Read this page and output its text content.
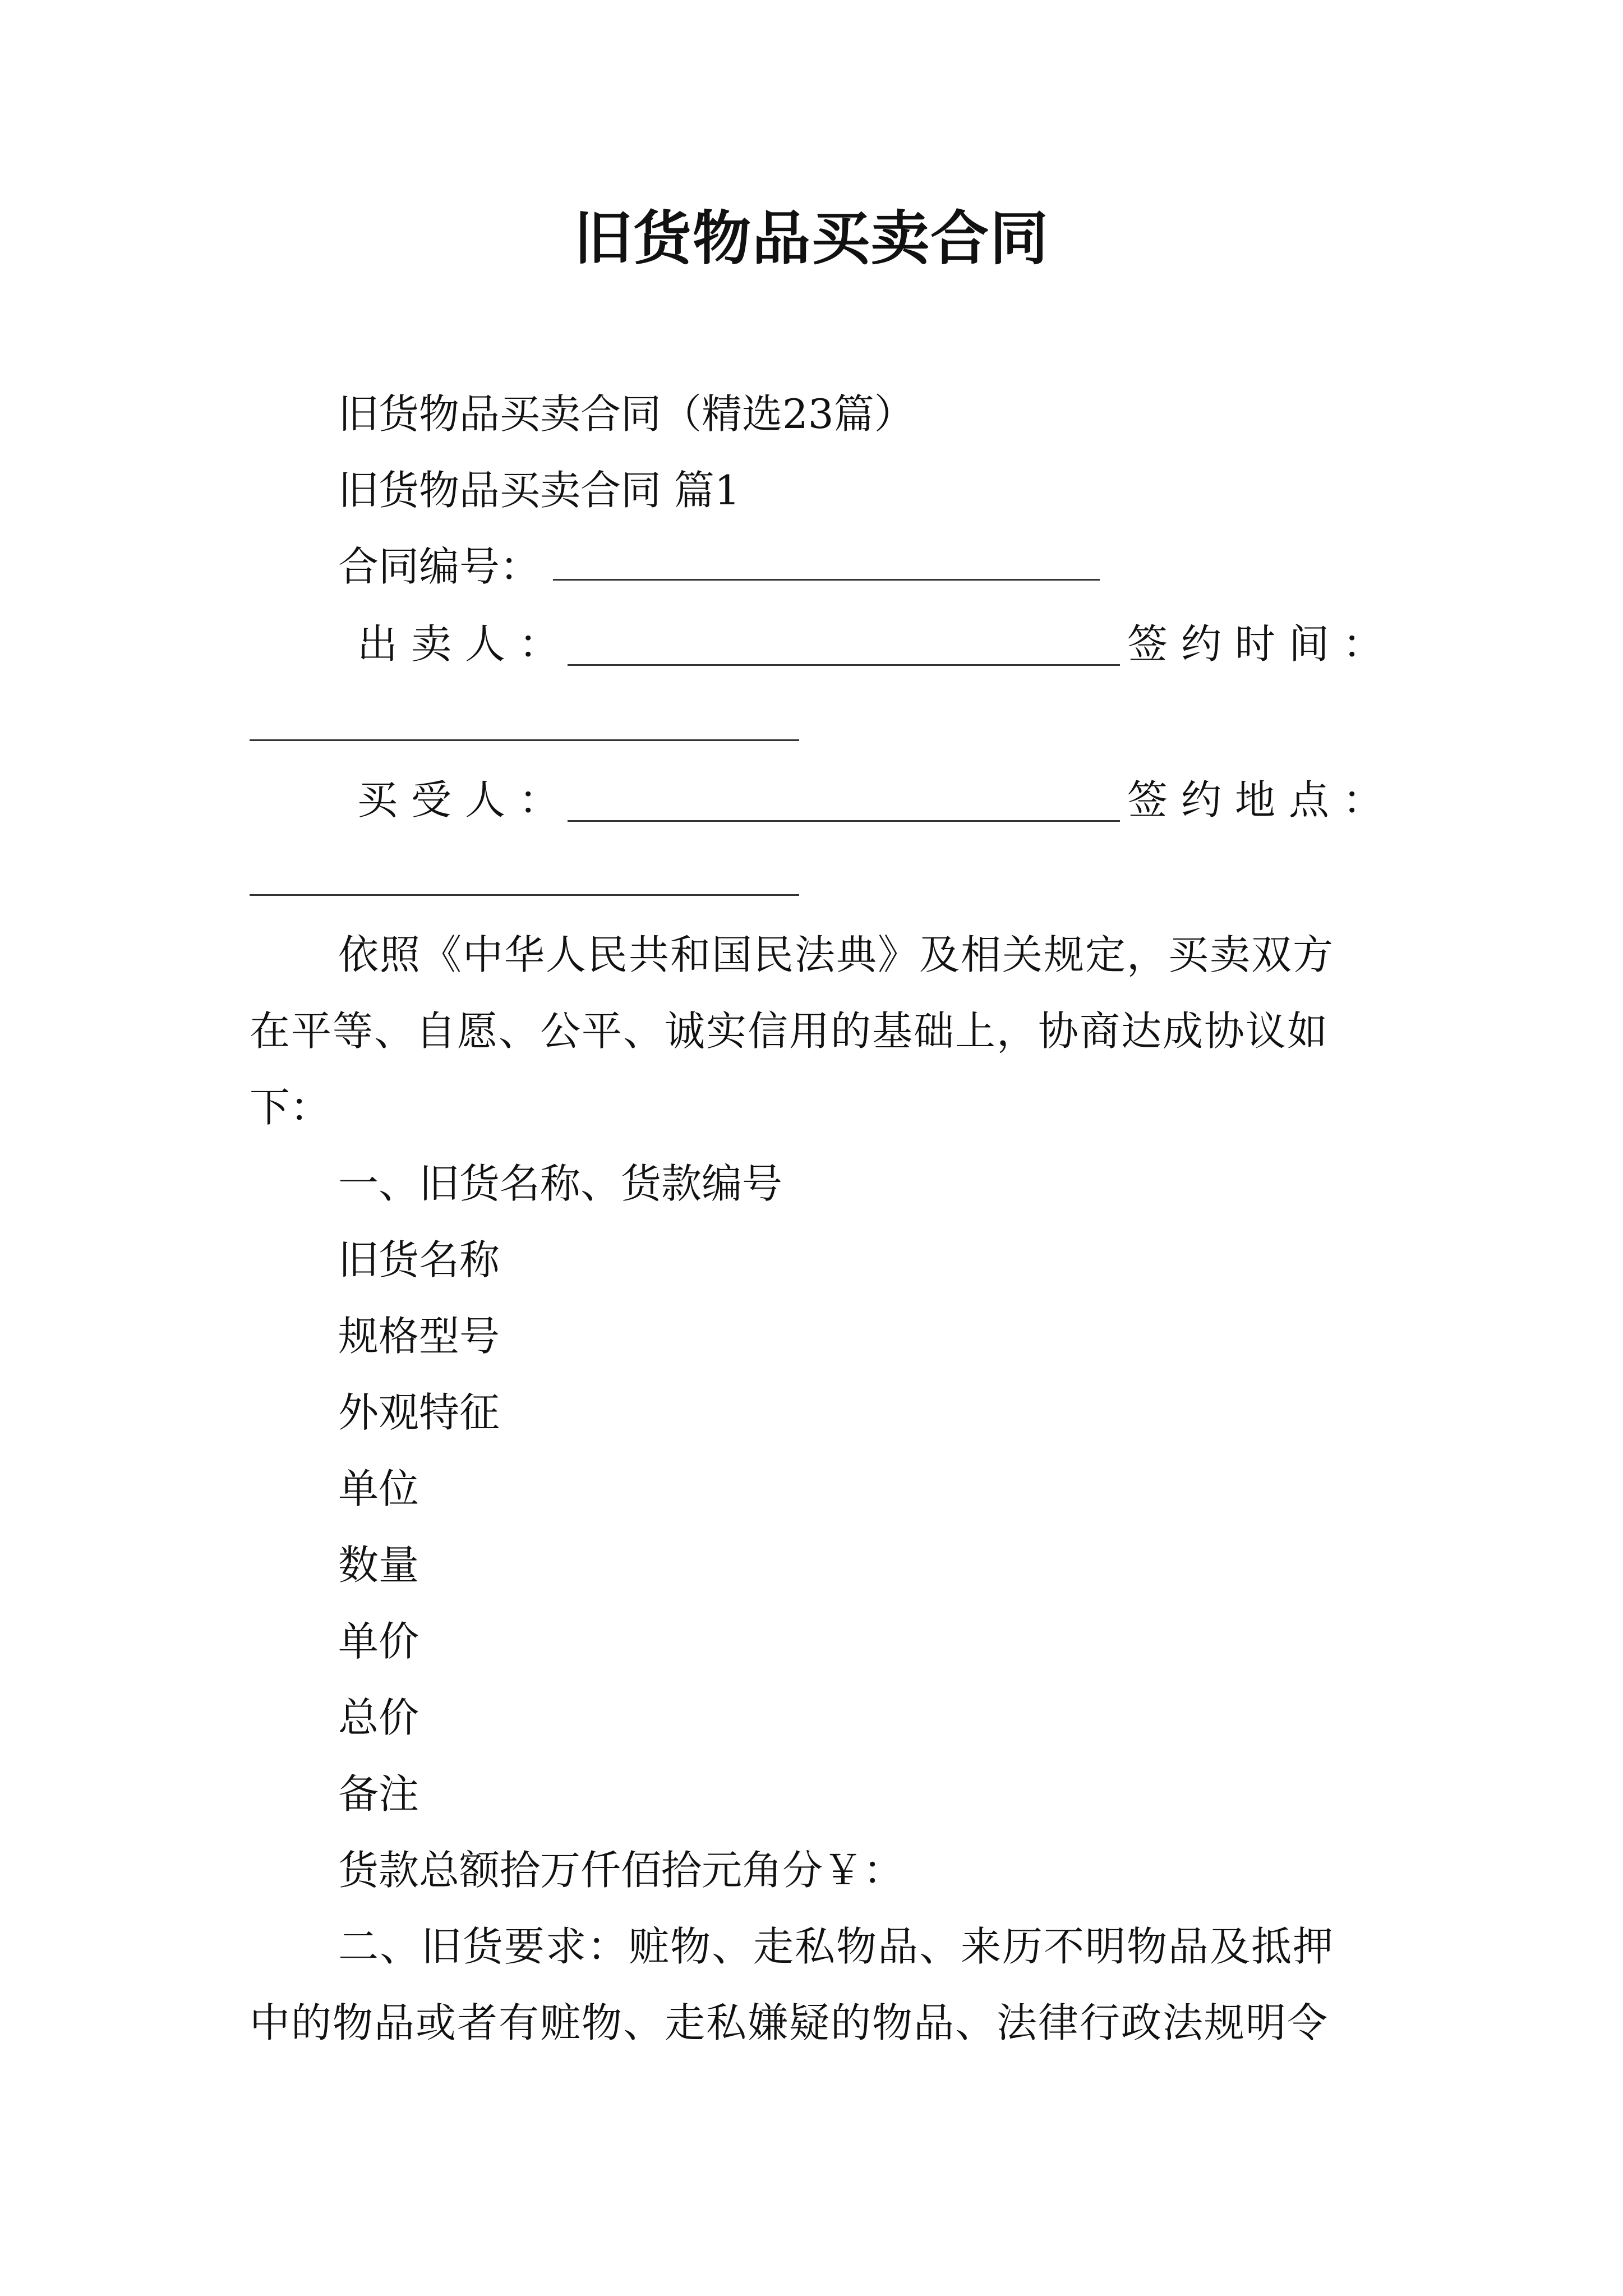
旧货物品买卖合同
旧货物品买卖合同（精选23篇）
旧货物品买卖合同 篇1
合同编号：
出卖人：	签约时间：
买受人：	签约地点：
依照《中华人民共和国民法典》及相关规定，买卖双方
在平等、自愿、公平、诚实信用的基础上，协商达成协议如
下：
一、旧货名称、货款编号
旧货名称
规格型号
外观特征
单位
数量
单价
总价
备注
货款总额拾万仟佰拾元角分￥：
二、旧货要求：赃物、走私物品、来历不明物品及抵押
中的物品或者有赃物、走私嫌疑的物品、法律行政法规明令
